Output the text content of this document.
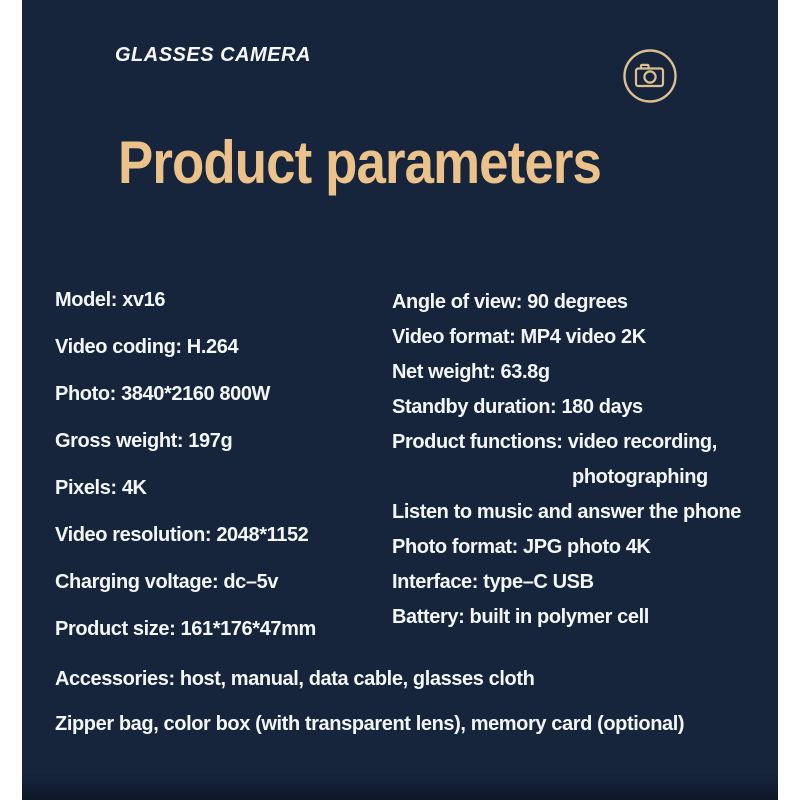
GLASSES CAMERA
Product parameters
Model: xv16
Video coding: H.264
Photo: 3840*2160 800W
Gross weight: 197g
Pixels: 4K
Video resolution: 2048*1152
Charging voltage: dc–5v
Product size: 161*176*47mm
Angle of view: 90 degrees
Video format: MP4 video 2K
Net weight: 63.8g
Standby duration: 180 days
Product functions: video recording,
photographing
Listen to music and answer the phone
Photo format: JPG photo 4K
Interface: type–C USB
Battery: built in polymer cell
Accessories: host, manual, data cable, glasses cloth
Zipper bag, color box (with transparent lens), memory card (optional)
